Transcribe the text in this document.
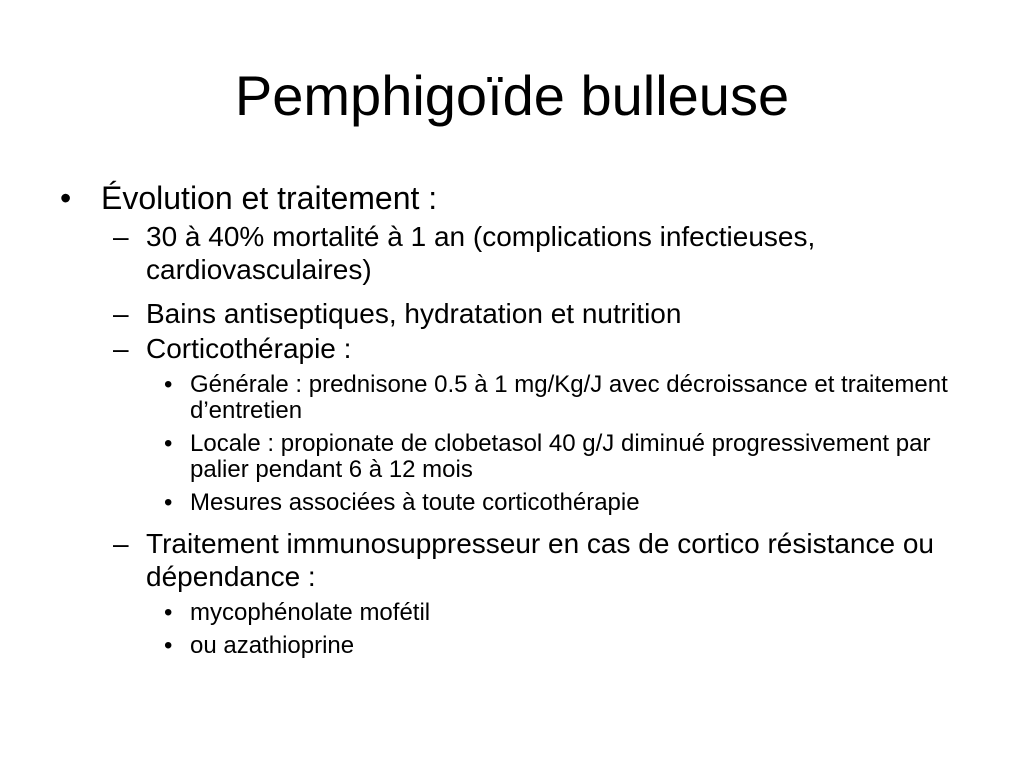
Pemphigoïde bulleuse
• Évolution et traitement :
– 30 à 40% mortalité à 1 an (complications infectieuses, cardiovasculaires)
– Bains antiseptiques, hydratation et nutrition
– Corticothérapie :
• Générale : prednisone 0.5 à 1 mg/Kg/J avec décroissance et traitement d’entretien
• Locale : propionate de clobetasol 40 g/J diminué progressivement par palier pendant 6 à 12 mois
• Mesures associées à toute corticothérapie
– Traitement immunosuppresseur en cas de cortico résistance ou dépendance :
• mycophénolate mofétil
• ou azathioprine
